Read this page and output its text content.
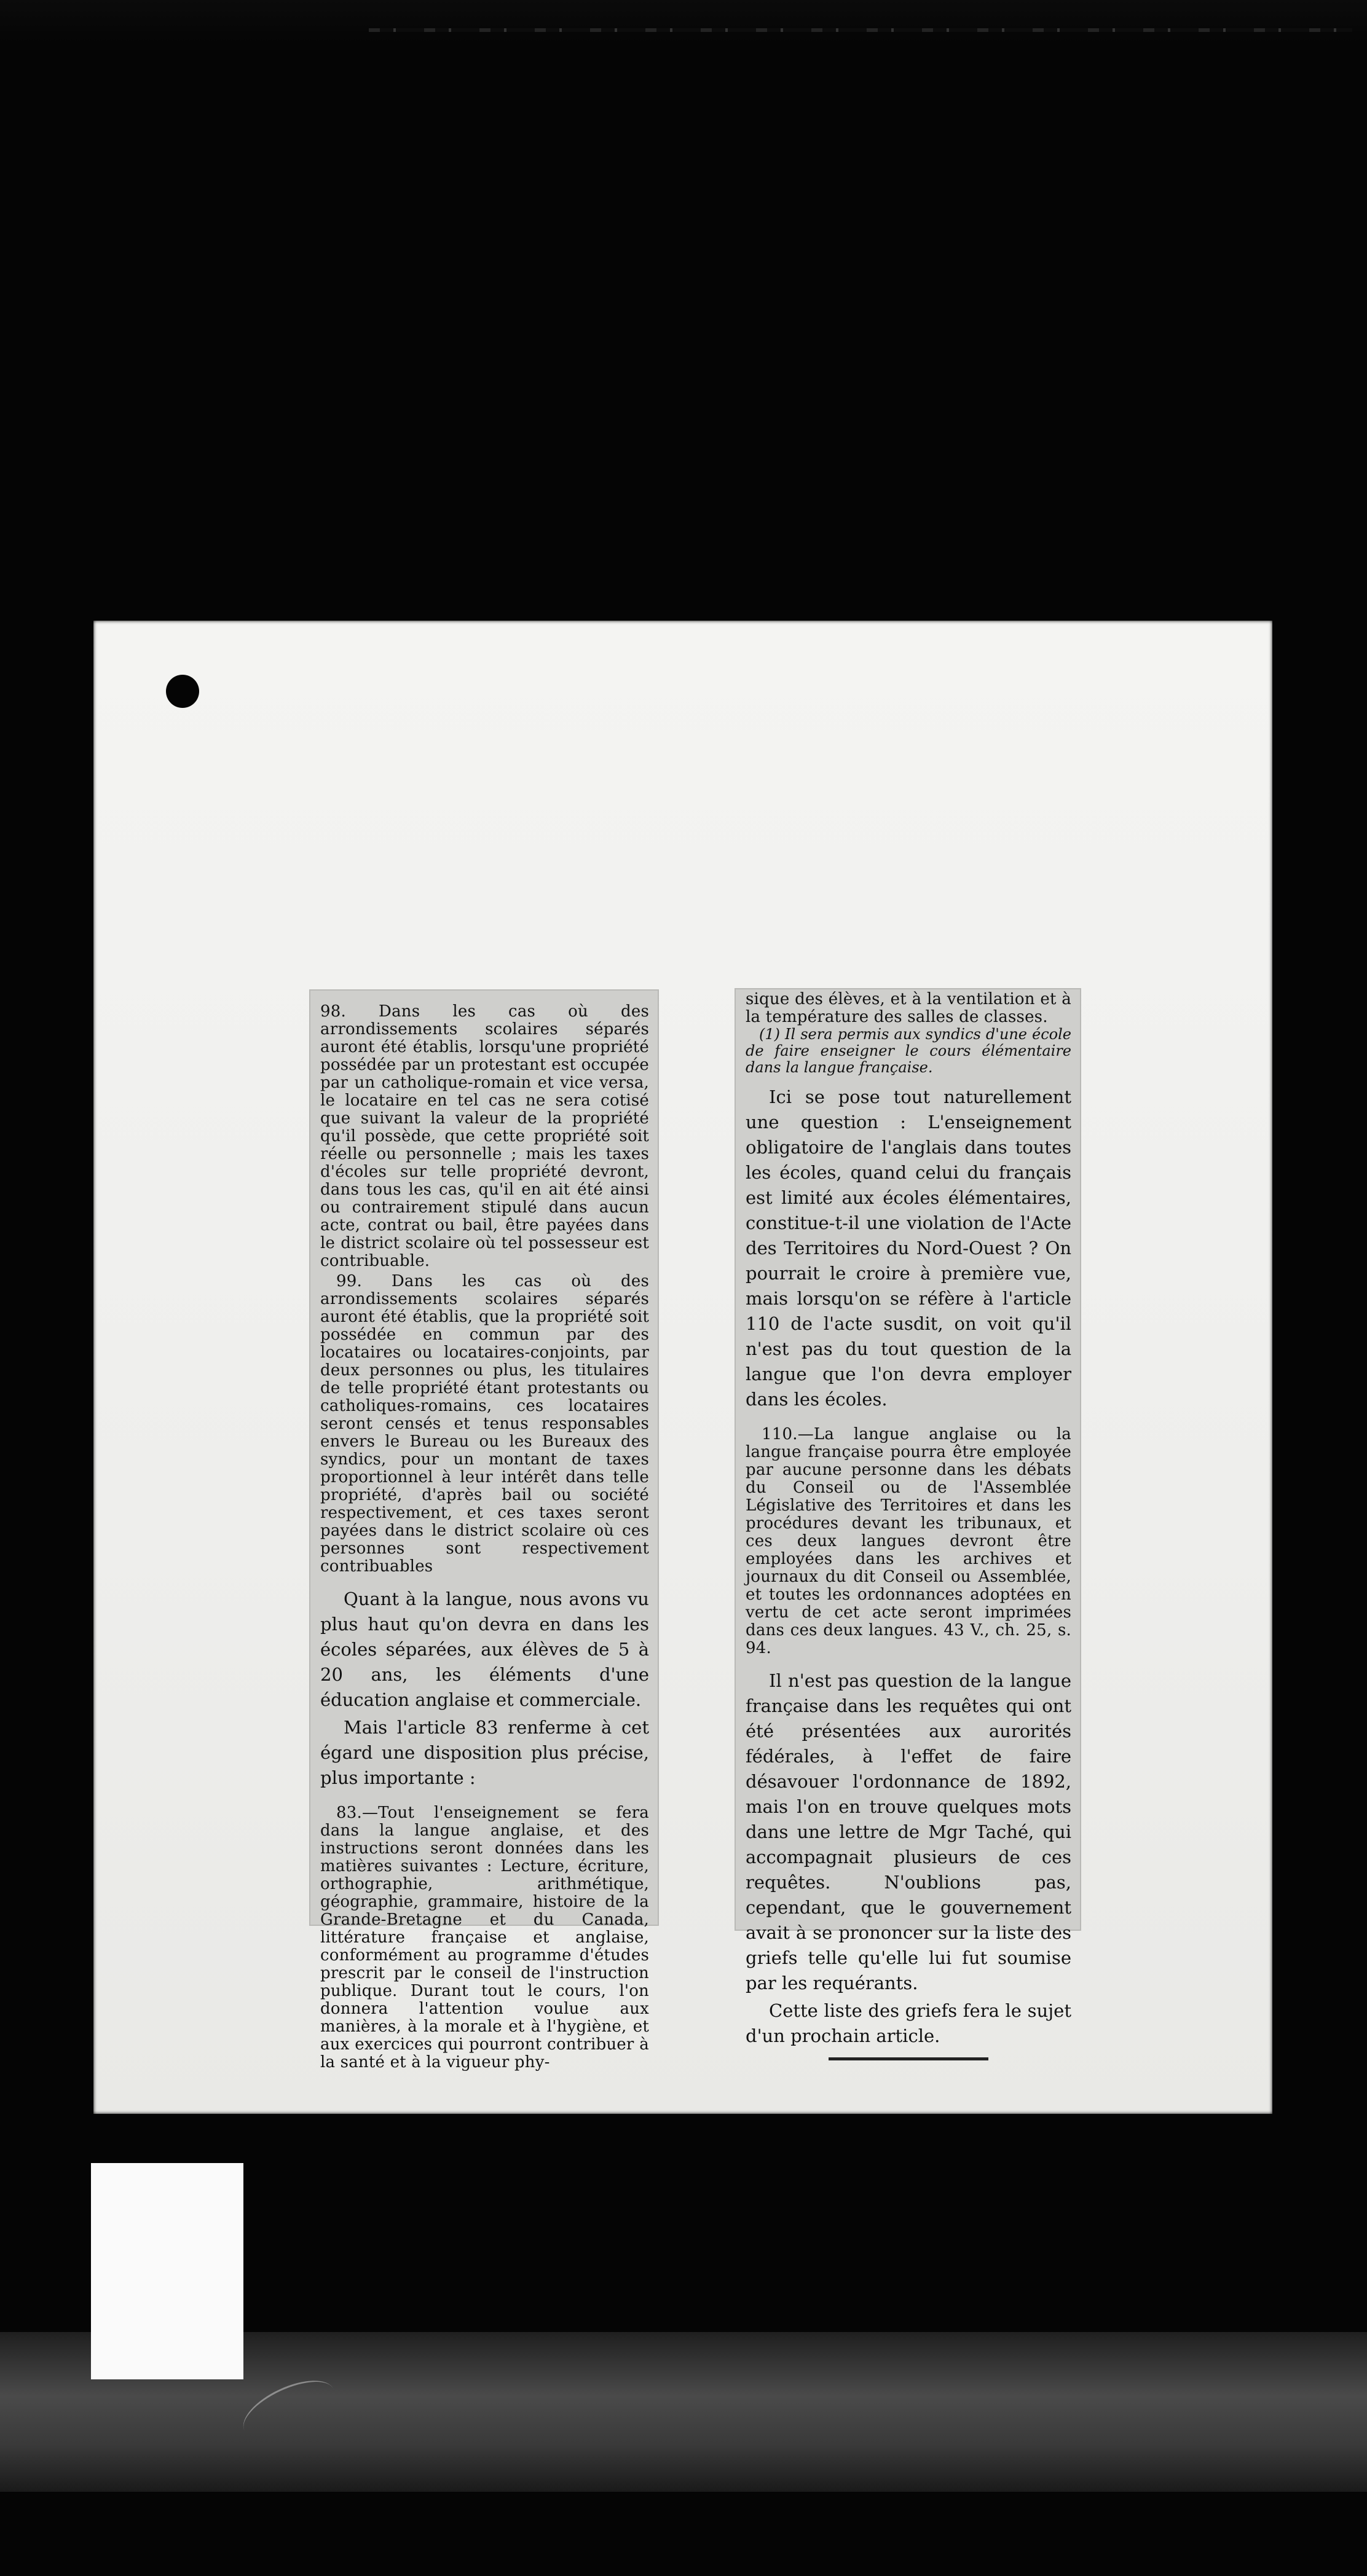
98. Dans les cas où des arrondissements scolaires séparés auront été établis, lorsqu'une propriété possédée par un protestant est occupée par un catholique-romain et vice versa, le locataire en tel cas ne sera cotisé que suivant la valeur de la propriété qu'il possède, que cette propriété soit réelle ou personnelle ; mais les taxes d'écoles sur telle propriété devront, dans tous les cas, qu'il en ait été ainsi ou contrairement stipulé dans aucun acte, contrat ou bail, être payées dans le district scolaire où tel possesseur est contribuable.

99. Dans les cas où des arrondissements scolaires séparés auront été établis, que la propriété soit possédée en commun par des locataires ou locataires-conjoints, par deux personnes ou plus, les titulaires de telle propriété étant protestants ou catholiques-romains, ces locataires seront censés et tenus responsables envers le Bureau ou les Bureaux des syndics, pour un montant de taxes proportionnel à leur intérêt dans telle propriété, d'après bail ou société respectivement, et ces taxes seront payées dans le district scolaire où ces personnes sont respectivement contribuables

Quant à la langue, nous avons vu plus haut qu'on devra en dans les écoles séparées, aux élèves de 5 à 20 ans, les éléments d'une éducation anglaise et commerciale.

Mais l'article 83 renferme à cet égard une disposition plus précise, plus importante :

83.—Tout l'enseignement se fera dans la langue anglaise, et des instructions seront données dans les matières suivantes : Lecture, écriture, orthographie, arithmétique, géographie, grammaire, histoire de la Grande-Bretagne et du Canada, littérature française et anglaise, conformément au programme d'études prescrit par le conseil de l'instruction publique. Durant tout le cours, l'on donnera l'attention voulue aux manières, à la morale et à l'hygiène, et aux exercices qui pourront contribuer à la santé et à la vigueur phy-

sique des élèves, et à la ventilation et à la température des salles de classes.

(1) Il sera permis aux syndics d'une école de faire enseigner le cours élémentaire dans la langue française.

Ici se pose tout naturellement une question : L'enseignement obligatoire de l'anglais dans toutes les écoles, quand celui du français est limité aux écoles élémentaires, constitue-t-il une violation de l'Acte des Territoires du Nord-Ouest ? On pourrait le croire à première vue, mais lorsqu'on se réfère à l'article 110 de l'acte susdit, on voit qu'il n'est pas du tout question de la langue que l'on devra employer dans les écoles.

110.—La langue anglaise ou la langue française pourra être employée par aucune personne dans les débats du Conseil ou de l'Assemblée Législative des Territoires et dans les procédures devant les tribunaux, et ces deux langues devront être employées dans les archives et journaux du dit Conseil ou Assemblée, et toutes les ordonnances adoptées en vertu de cet acte seront imprimées dans ces deux langues. 43 V., ch. 25, s. 94.

Il n'est pas question de la langue française dans les requêtes qui ont été présentées aux aurorités fédérales, à l'effet de faire désavouer l'ordonnance de 1892, mais l'on en trouve quelques mots dans une lettre de Mgr Taché, qui accompagnait plusieurs de ces requêtes. N'oublions pas, cependant, que le gouvernement avait à se prononcer sur la liste des griefs telle qu'elle lui fut soumise par les requérants.

Cette liste des griefs fera le sujet d'un prochain article.
